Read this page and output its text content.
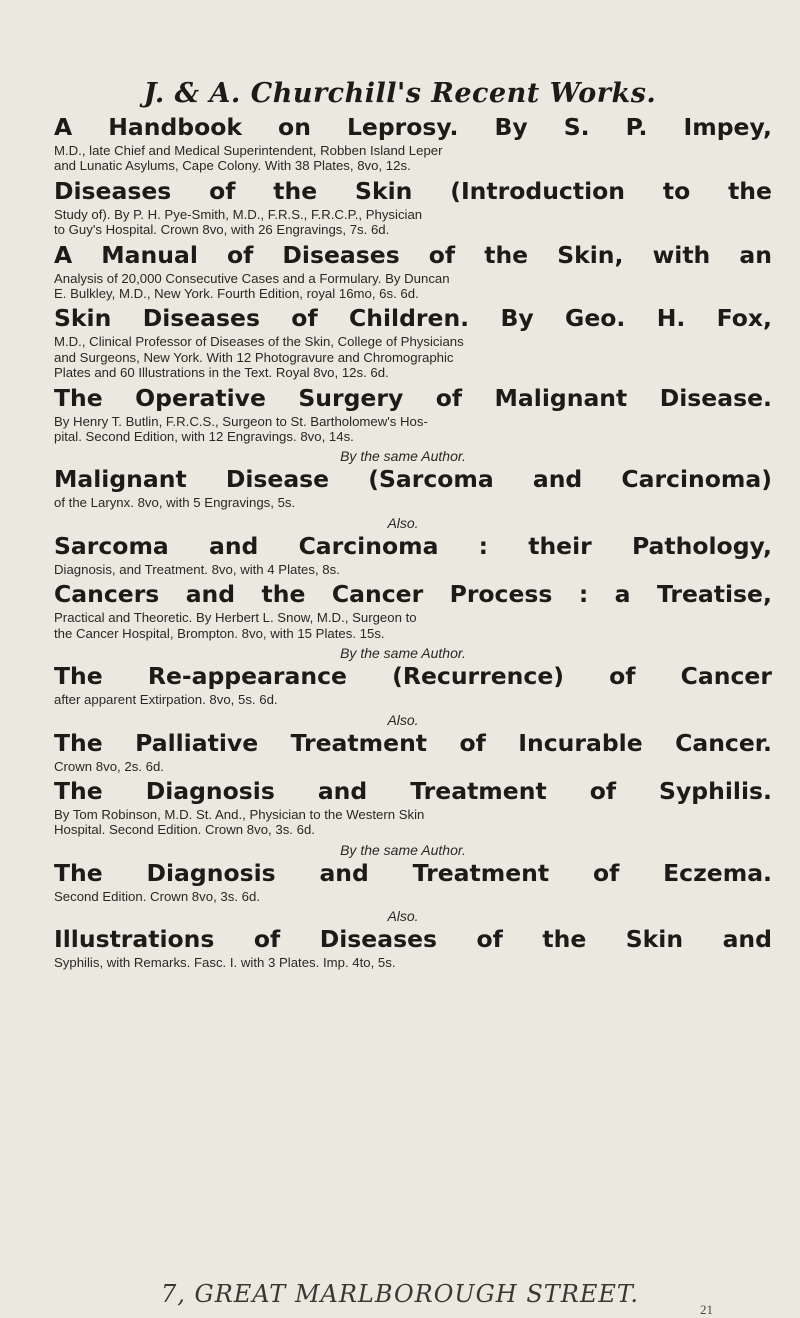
J. & A. Churchill's Recent Works.
A Handbook on Leprosy. By S. P. Impey,
M.D., late Chief and Medical Superintendent, Robben Island Leper
and Lunatic Asylums, Cape Colony. With 38 Plates, 8vo, 12s.
Diseases of the Skin (Introduction to the
Study of). By P. H. Pye-Smith, M.D., F.R.S., F.R.C.P., Physician
to Guy's Hospital. Crown 8vo, with 26 Engravings, 7s. 6d.
A Manual of Diseases of the Skin, with an
Analysis of 20,000 Consecutive Cases and a Formulary. By Duncan
E. Bulkley, M.D., New York. Fourth Edition, royal 16mo, 6s. 6d.
Skin Diseases of Children. By Geo. H. Fox,
M.D., Clinical Professor of Diseases of the Skin, College of Physicians
and Surgeons, New York. With 12 Photogravure and Chromographic
Plates and 60 Illustrations in the Text. Royal 8vo, 12s. 6d.
The Operative Surgery of Malignant Disease.
By Henry T. Butlin, F.R.C.S., Surgeon to St. Bartholomew's Hos-
pital. Second Edition, with 12 Engravings. 8vo, 14s.
By the same Author.
Malignant Disease (Sarcoma and Carcinoma)
of the Larynx. 8vo, with 5 Engravings, 5s.
Also.
Sarcoma and Carcinoma : their Pathology,
Diagnosis, and Treatment. 8vo, with 4 Plates, 8s.
Cancers and the Cancer Process : a Treatise,
Practical and Theoretic. By Herbert L. Snow, M.D., Surgeon to
the Cancer Hospital, Brompton. 8vo, with 15 Plates. 15s.
By the same Author.
The Re-appearance (Recurrence) of Cancer
after apparent Extirpation. 8vo, 5s. 6d.
Also.
The Palliative Treatment of Incurable Cancer.
Crown 8vo, 2s. 6d.
The Diagnosis and Treatment of Syphilis.
By Tom Robinson, M.D. St. And., Physician to the Western Skin
Hospital. Second Edition. Crown 8vo, 3s. 6d.
By the same Author.
The Diagnosis and Treatment of Eczema.
Second Edition. Crown 8vo, 3s. 6d.
Also.
Illustrations of Diseases of the Skin and
Syphilis, with Remarks. Fasc. I. with 3 Plates. Imp. 4to, 5s.
7, GREAT MARLBOROUGH STREET.
21
